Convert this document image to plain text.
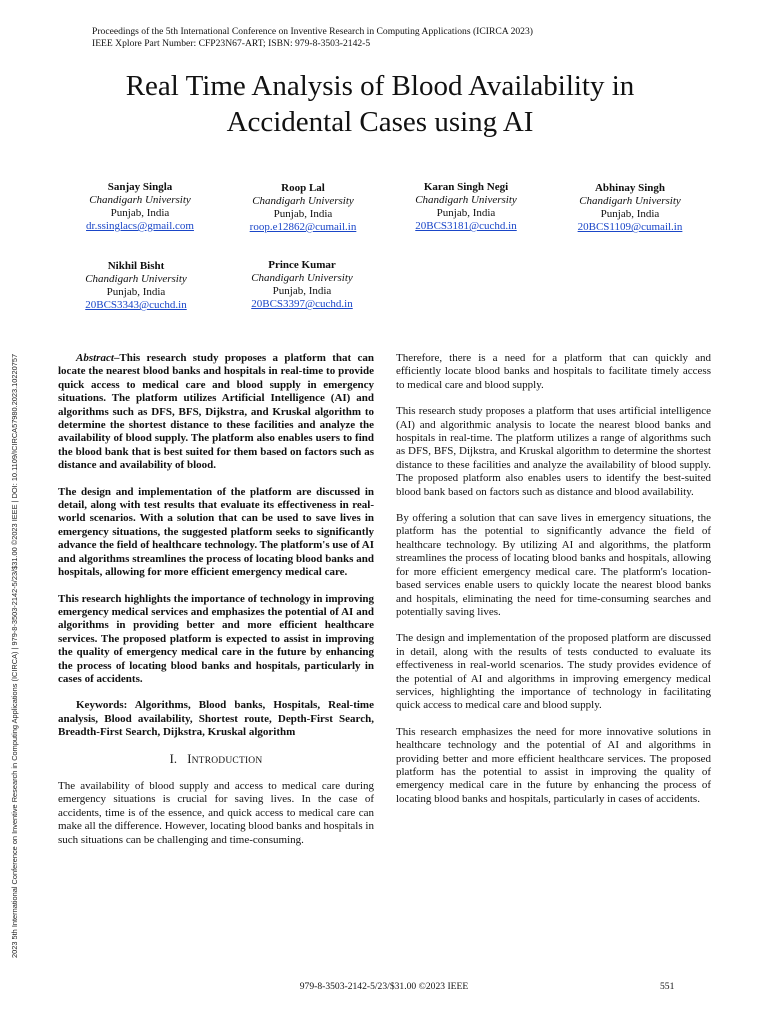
Proceedings of the 5th International Conference on Inventive Research in Computing Applications (ICIRCA 2023)
IEEE Xplore Part Number: CFP23N67-ART; ISBN: 979-8-3503-2142-5
Real Time Analysis of Blood Availability in
Accidental Cases using AI
Sanjay Singla
Chandigarh University
Punjab, India
dr.ssinglacs@gmail.com
Roop Lal
Chandigarh University
Punjab, India
roop.e12862@cumail.in
Karan Singh Negi
Chandigarh University
Punjab, India
20BCS3181@cuchd.in
Abhinay Singh
Chandigarh University
Punjab, India
20BCS1109@cumail.in
Nikhil Bisht
Chandigarh University
Punjab, India
20BCS3343@cuchd.in
Prince Kumar
Chandigarh University
Punjab, India
20BCS3397@cuchd.in
2023 5th International Conference on Inventive Research in Computing Applications (ICIRCA) | 979-8-3503-2142-5/23/$31.00 ©2023 IEEE | DOI: 10.1109/ICIRCA57980.2023.10220757	Abstract–This research study proposes a platform that can locate the nearest blood banks and hospitals in real-time to provide quick access to medical care and blood supply in emergency situations. The platform utilizes Artificial Intelligence (AI) and algorithms such as DFS, BFS, Dijkstra, and Kruskal algorithm to determine the shortest distance to these facilities and analyze the availability of blood supply. The platform also enables users to find the blood bank that is best suited for them based on factors such as distance and availability of blood.

The design and implementation of the platform are discussed in detail, along with test results that evaluate its effectiveness in real-world scenarios. With a solution that can be used to save lives in emergency situations, the suggested platform seeks to significantly advance the field of healthcare technology. The platform's use of AI and algorithms streamlines the process of locating blood banks and hospitals, allowing for more efficient emergency medical care.

This research highlights the importance of technology in improving emergency medical services and emphasizes the potential of AI and algorithms in providing better and more efficient healthcare services. The proposed platform is expected to assist in improving the quality of emergency medical care in the future by enhancing the process of locating blood banks and hospitals, particularly in cases of accidents.

Keywords: Algorithms, Blood banks, Hospitals, Real-time analysis, Blood availability, Shortest route, Depth-First Search, Breadth-First Search, Dijkstra, Kruskal algorithm

I. INTRODUCTION

The availability of blood supply and access to medical care during emergency situations is crucial for saving lives. In the case of accidents, time is of the essence, and quick access to medical care can make all the difference. However, locating blood banks and hospitals in such situations can be challenging and time-consuming.

Therefore, there is a need for a platform that can quickly and efficiently locate blood banks and hospitals to facilitate timely access to medical care and blood supply.

This research study proposes a platform that uses artificial intelligence (AI) and algorithmic analysis to locate the nearest blood banks and hospitals in real-time. The platform utilizes a range of algorithms such as DFS, BFS, Dijkstra, and Kruskal algorithm to determine the shortest distance to these facilities and analyze the availability of blood supply. The proposed platform also enables users to identify the best-suited blood bank based on factors such as distance and blood availability.

By offering a solution that can save lives in emergency situations, the platform has the potential to significantly advance the field of healthcare technology. By utilizing AI and algorithms, the platform streamlines the process of locating blood banks and hospitals, allowing for more efficient emergency medical care. The platform's location-based services enable users to quickly locate the nearest blood banks and hospitals, eliminating the need for time-consuming searches and potentially saving lives.

The design and implementation of the proposed platform are discussed in detail, along with the results of tests conducted to evaluate its effectiveness in real-world scenarios. The study provides evidence of the potential of AI and algorithms in improving emergency medical services, highlighting the importance of technology in facilitating quick access to medical care and blood supply.

This research emphasizes the need for more innovative solutions in healthcare technology and the potential of AI and algorithms in providing better and more efficient healthcare services. The proposed platform has the potential to assist in improving the quality of emergency medical care in the future by enhancing the process of locating blood banks and hospitals, particularly in cases of accidents.

979-8-3503-2142-5/23/$31.00 ©2023 IEEE	551
